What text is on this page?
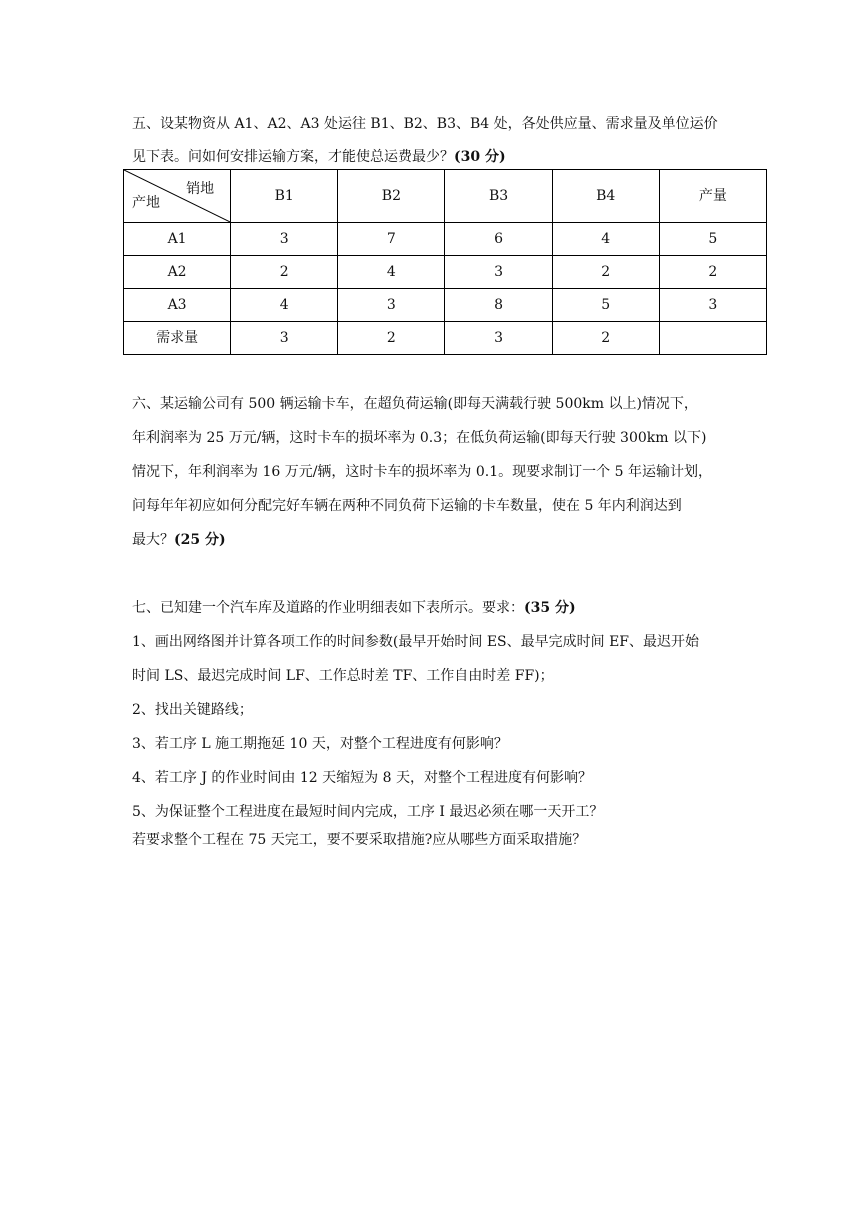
五、设某物资从 A1、A2、A3 处运往 B1、B2、B3、B4 处，各处供应量、需求量及单位运价
见下表。问如何安排运输方案，才能使总运费最少？(30 分)
销地
产地	B1	B2	B3	B4	产量
A1	3	7	6	4	5
A2	2	4	3	2	2
A3	4	3	8	5	3
需求量	3	2	3	2	
六、某运输公司有 500 辆运输卡车，在超负荷运输(即每天满载行驶 500km 以上)情况下，
年利润率为 25 万元/辆，这时卡车的损坏率为 0.3；在低负荷运输(即每天行驶 300km 以下)
情况下，年利润率为 16 万元/辆，这时卡车的损坏率为 0.1。现要求制订一个 5 年运输计划，
问每年年初应如何分配完好车辆在两种不同负荷下运输的卡车数量，使在 5 年内利润达到
最大？(25 分)
七、已知建一个汽车库及道路的作业明细表如下表所示。要求：(35 分)
1、画出网络图并计算各项工作的时间参数(最早开始时间 ES、最早完成时间 EF、最迟开始
时间 LS、最迟完成时间 LF、工作总时差 TF、工作自由时差 FF)；
2、找出关键路线；
3、若工序 L 施工期拖延 10 天，对整个工程进度有何影响？
4、若工序 J 的作业时间由 12 天缩短为 8 天，对整个工程进度有何影响？
5、为保证整个工程进度在最短时间内完成，工序 I 最迟必须在哪一天开工？
若要求整个工程在 75 天完工，要不要采取措施?应从哪些方面采取措施？
